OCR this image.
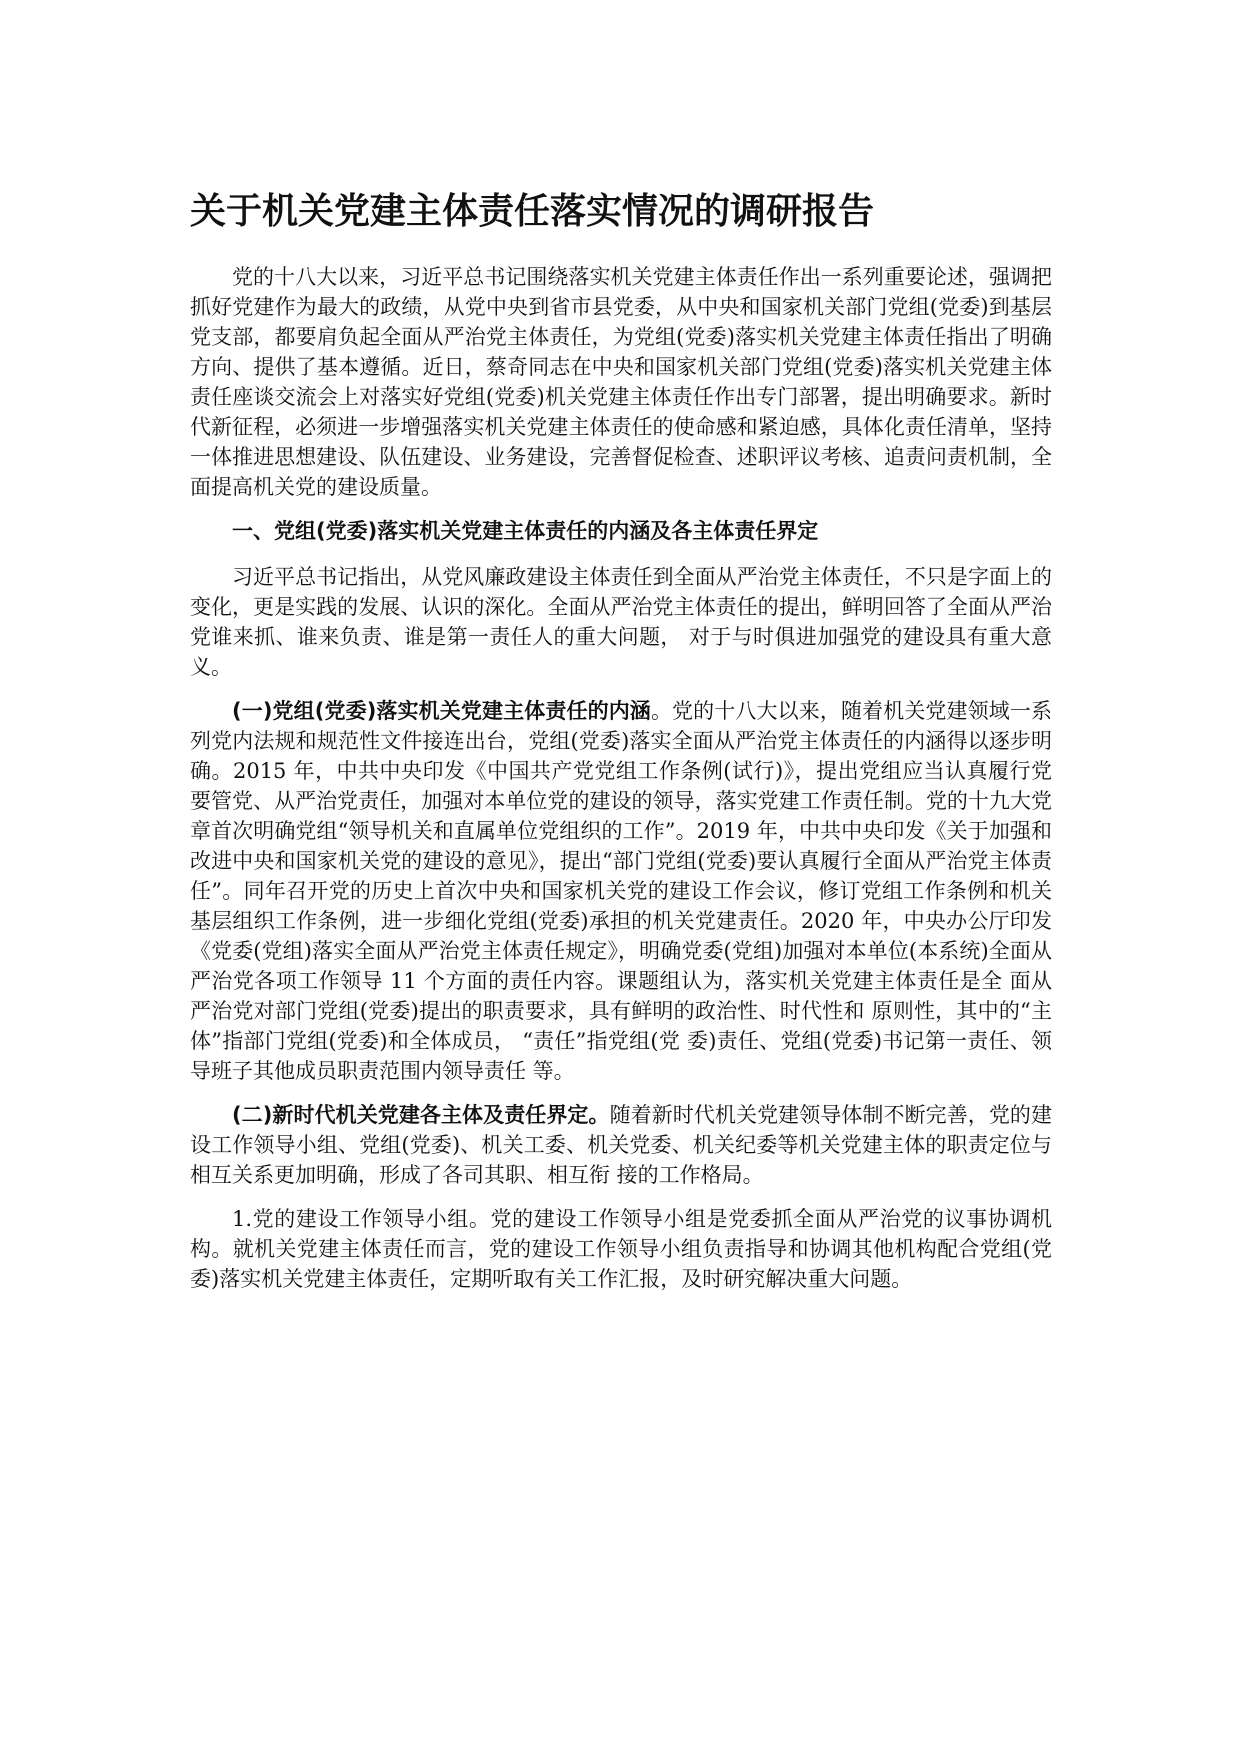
关于机关党建主体责任落实情况的调研报告

党的十八大以来，习近平总书记围绕落实机关党建主体责任作出一系列重要论述，强调把抓好党建作为最大的政绩，从党中央到省市县党委，从中央和国家机关部门党组(党委)到基层党支部，都要肩负起全面从严治党主体责任，为党组(党委)落实机关党建主体责任指出了明确方向、提供了基本遵循。近日，蔡奇同志在中央和国家机关部门党组(党委)落实机关党建主体责任座谈交流会上对落实好党组(党委)机关党建主体责任作出专门部署，提出明确要求。新时代新征程，必须进一步增强落实机关党建主体责任的使命感和紧迫感，具体化责任清单，坚持一体推进思想建设、队伍建设、业务建设，完善督促检查、述职评议考核、追责问责机制，全面提高机关党的建设质量。

一、党组(党委)落实机关党建主体责任的内涵及各主体责任界定

习近平总书记指出，从党风廉政建设主体责任到全面从严治党主体责任，不只是字面上的变化，更是实践的发展、认识的深化。全面从严治党主体责任的提出，鲜明回答了全面从严治党谁来抓、谁来负责、谁是第一责任人的重大问题， 对于与时俱进加强党的建设具有重大意义。

(一)党组(党委)落实机关党建主体责任的内涵。党的十八大以来，随着机关党建领域一系列党内法规和规范性文件接连出台，党组(党委)落实全面从严治党主体责任的内涵得以逐步明确。2015 年，中共中央印发《中国共产党党组工作条例(试行)》，提出党组应当认真履行党要管党、从严治党责任，加强对本单位党的建设的领导，落实党建工作责任制。党的十九大党章首次明确党组“领导机关和直属单位党组织的工作”。2019 年，中共中央印发《关于加强和改进中央和国家机关党的建设的意见》，提出“部门党组(党委)要认真履行全面从严治党主体责任”。同年召开党的历史上首次中央和国家机关党的建设工作会议，修订党组工作条例和机关基层组织工作条例，进一步细化党组(党委)承担的机关党建责任。2020 年，中央办公厅印发《党委(党组)落实全面从严治党主体责任规定》，明确党委(党组)加强对本单位(本系统)全面从严治党各项工作领导 11 个方面的责任内容。课题组认为，落实机关党建主体责任是全 面从严治党对部门党组(党委)提出的职责要求，具有鲜明的政治性、时代性和 原则性，其中的“主体”指部门党组(党委)和全体成员， “责任”指党组(党 委)责任、党组(党委)书记第一责任、领导班子其他成员职责范围内领导责任 等。

(二)新时代机关党建各主体及责任界定。随着新时代机关党建领导体制不断完善，党的建设工作领导小组、党组(党委)、机关工委、机关党委、机关纪委等机关党建主体的职责定位与相互关系更加明确，形成了各司其职、相互衔 接的工作格局。

1.党的建设工作领导小组。党的建设工作领导小组是党委抓全面从严治党的议事协调机构。就机关党建主体责任而言，党的建设工作领导小组负责指导和协调其他机构配合党组(党委)落实机关党建主体责任，定期听取有关工作汇报，及时研究解决重大问题。
